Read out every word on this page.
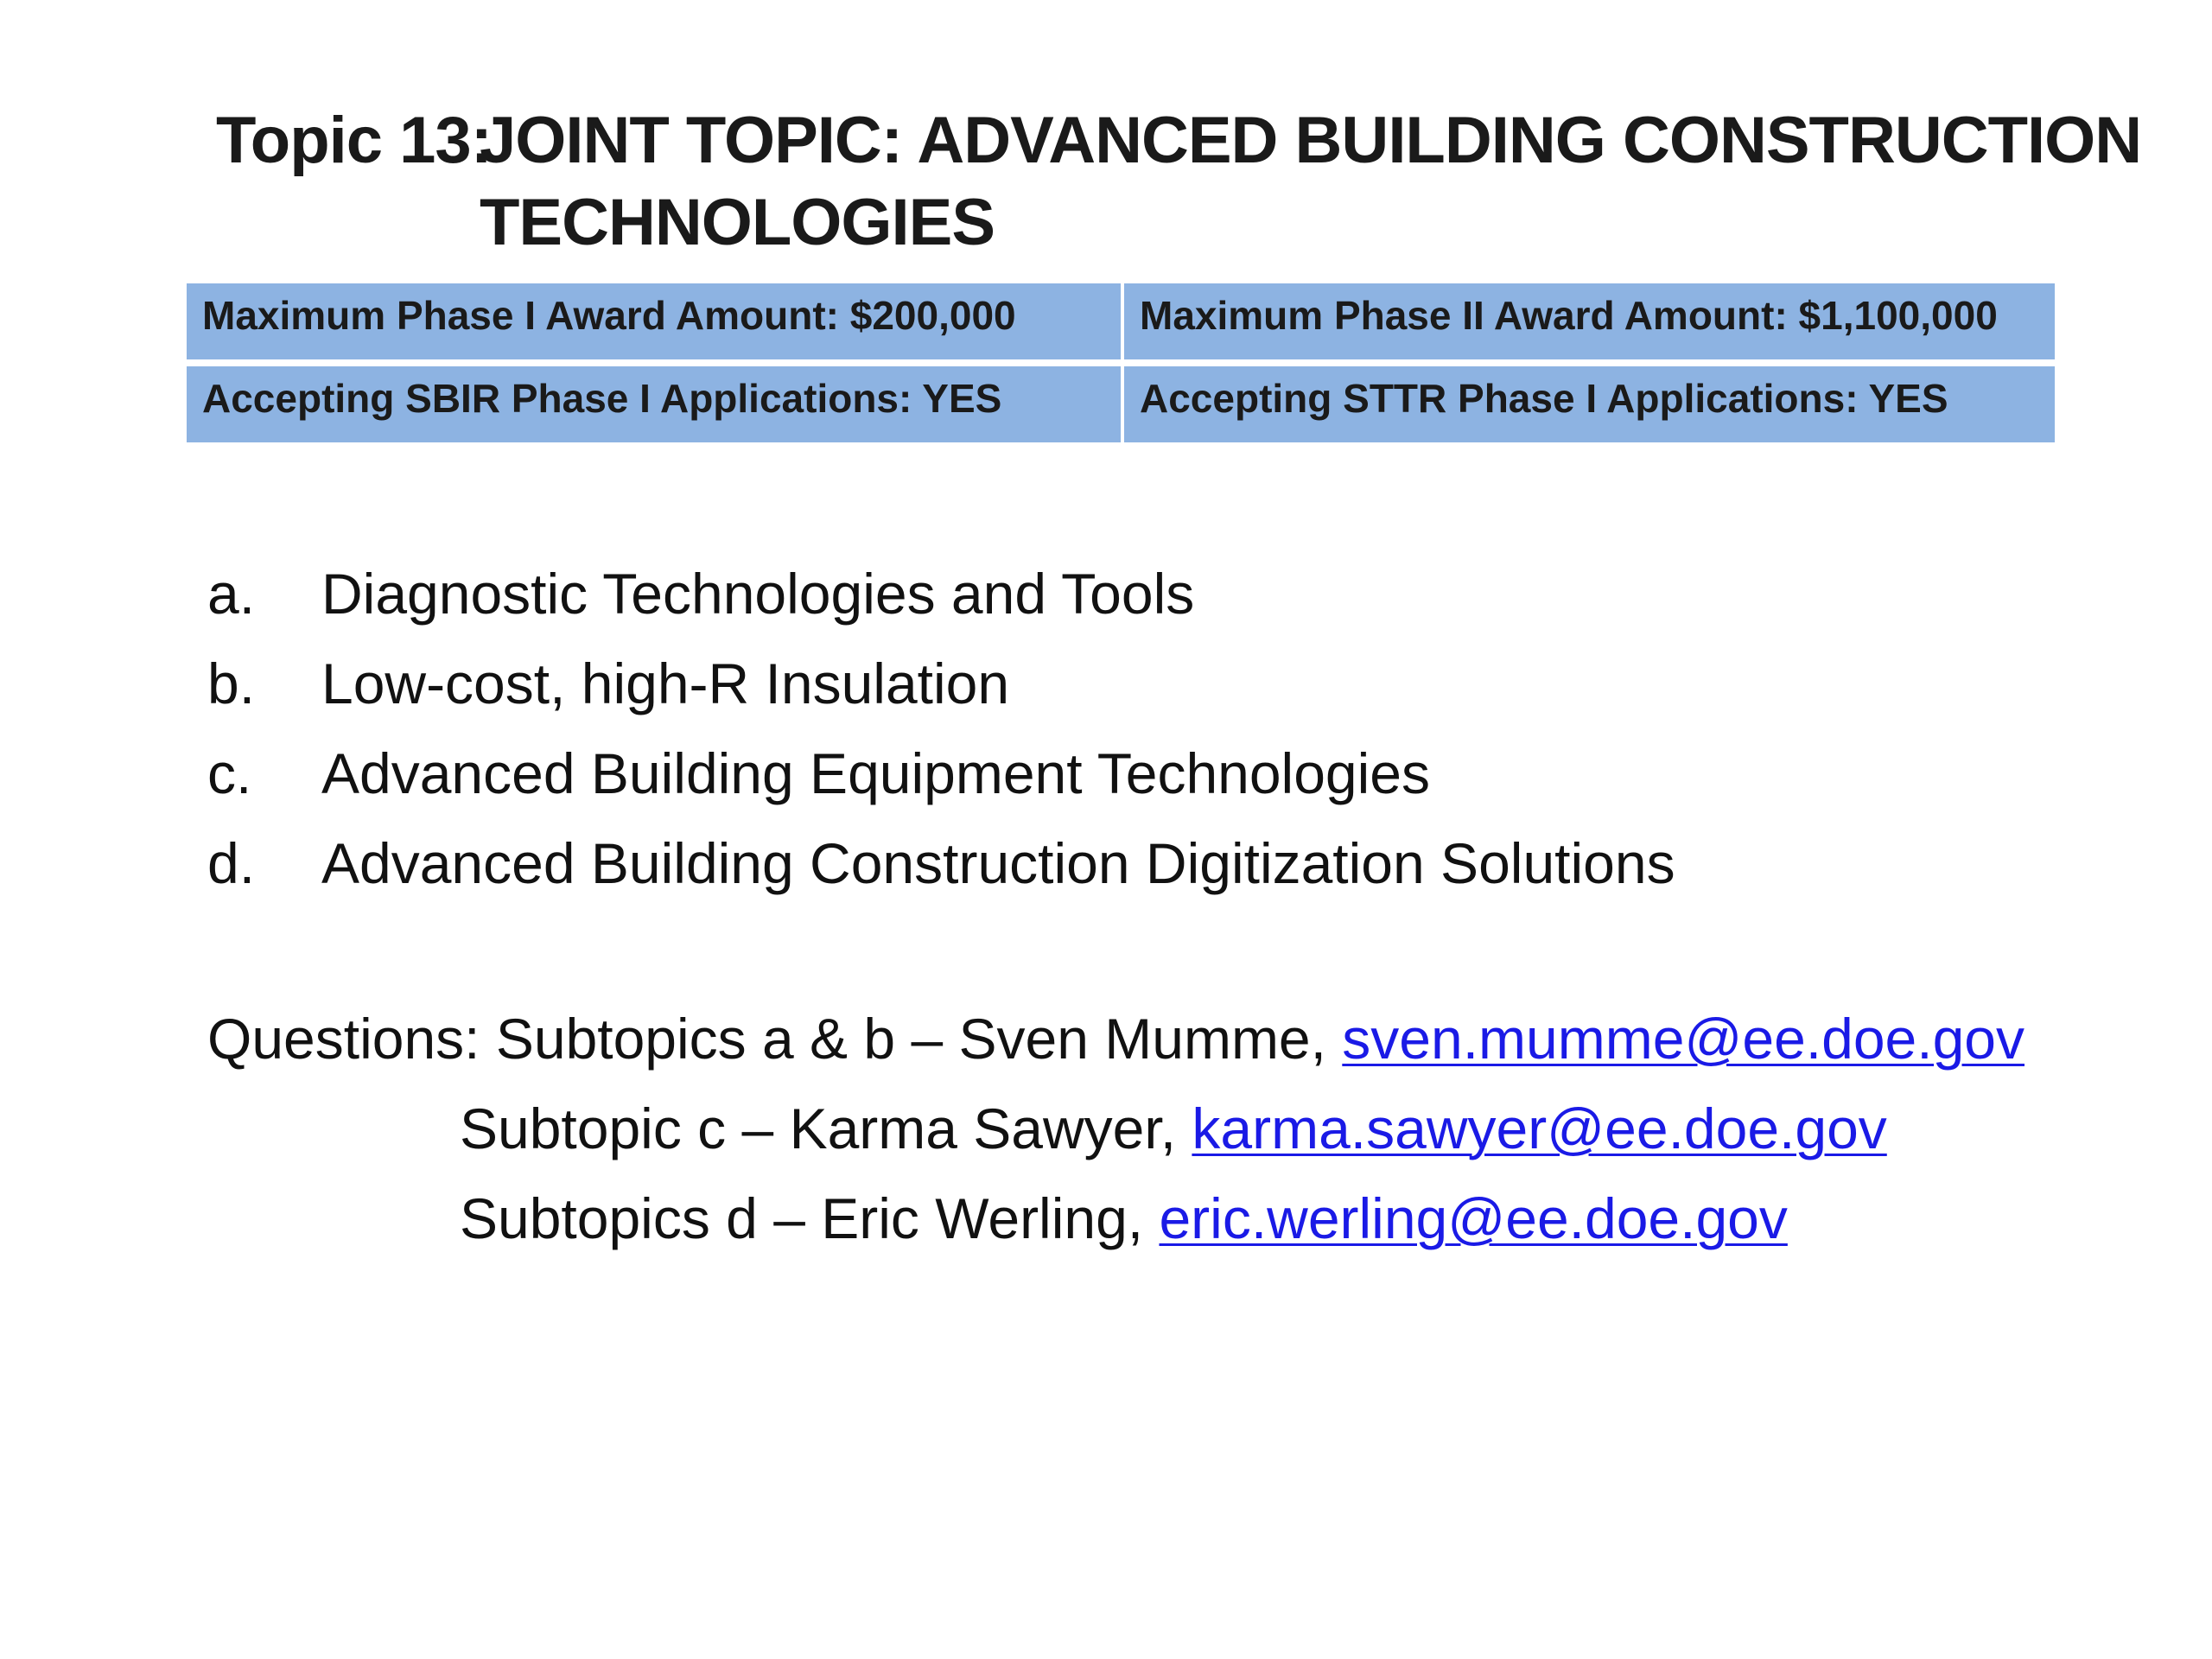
Topic 13:
JOINT TOPIC: ADVANCED BUILDING CONSTRUCTION
TECHNOLOGIES
Maximum Phase I Award Amount: $200,000	Maximum Phase II Award Amount: $1,100,000
Accepting SBIR Phase I Applications: YES	Accepting STTR Phase I Applications: YES
a. Diagnostic Technologies and Tools
b. Low-cost, high-R Insulation
c. Advanced Building Equipment Technologies
d. Advanced Building Construction Digitization Solutions
Questions: Subtopics a & b – Sven Mumme, sven.mumme@ee.doe.gov
Subtopic c – Karma Sawyer, karma.sawyer@ee.doe.gov
Subtopics d – Eric Werling, eric.werling@ee.doe.gov
